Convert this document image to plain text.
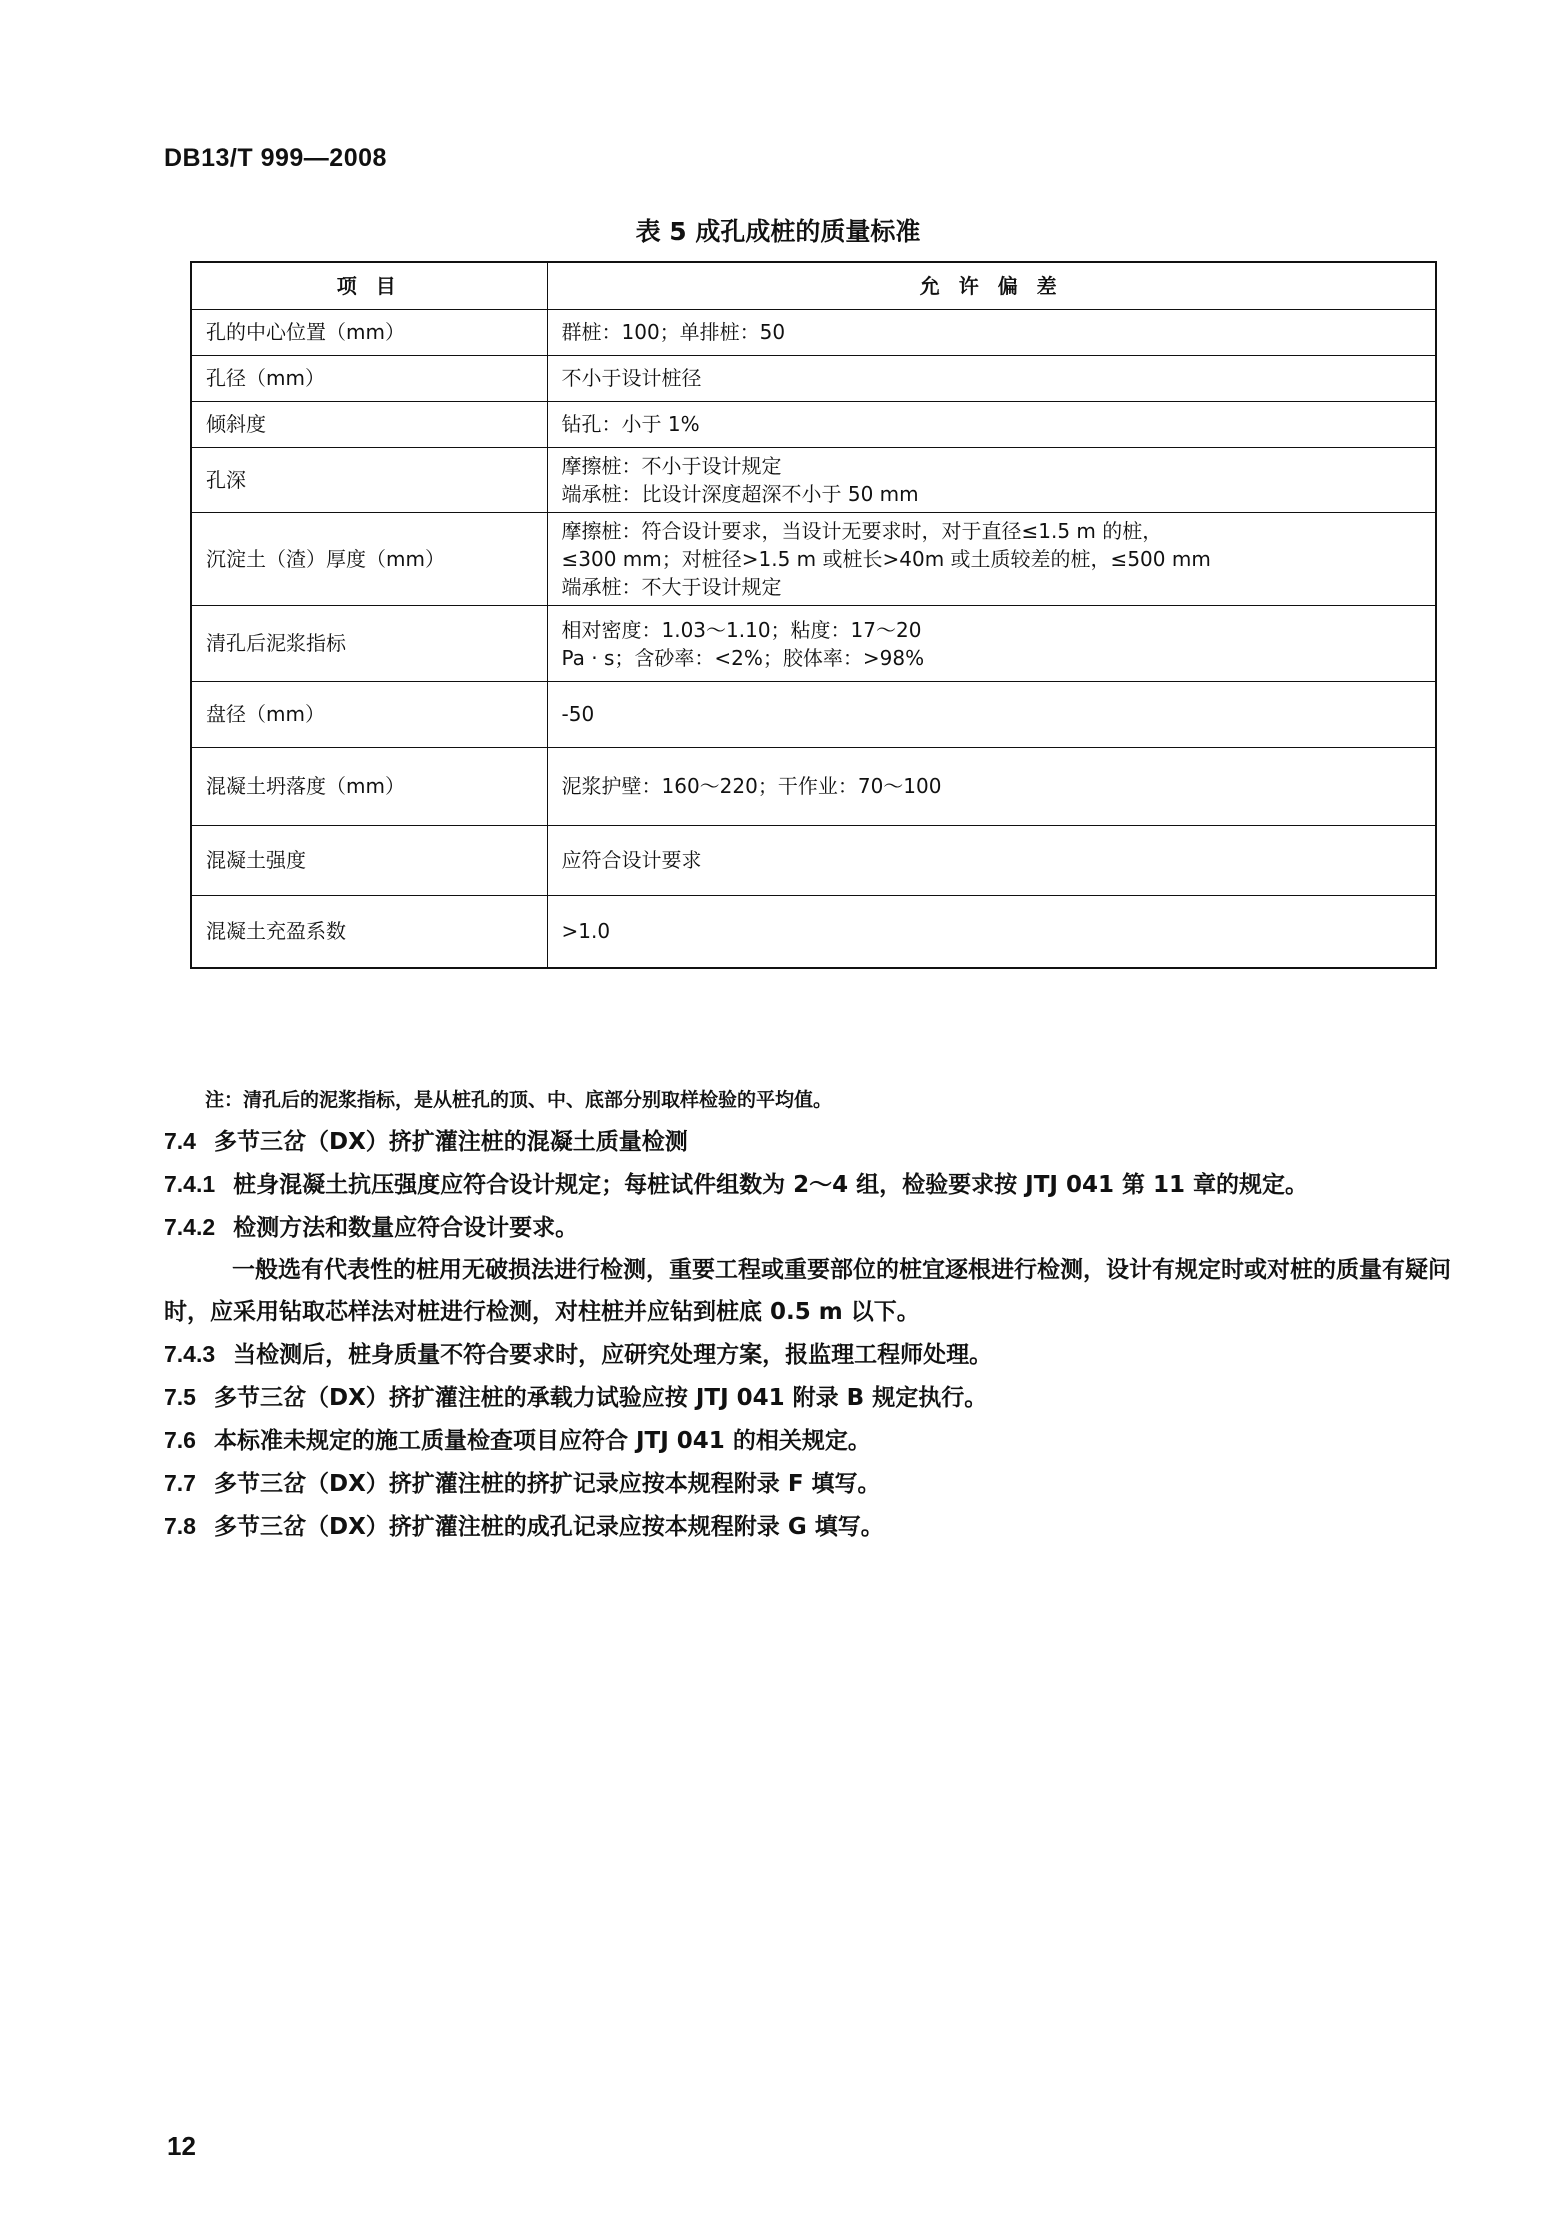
DB13/T 999—2008
表 5 成孔成桩的质量标准
项 目	允 许 偏 差
孔的中心位置（mm）	群桩：100；单排桩：50

孔径（mm）	不小于设计桩径

倾斜度	钻孔：小于 1%

孔深	摩擦桩：不小于设计规定
端承桩：比设计深度超深不小于 50 mm

沉淀土（渣）厚度（mm）	摩擦桩：符合设计要求，当设计无要求时，对于直径≤1.5 m 的桩，
≤300 mm；对桩径>1.5 m 或桩长>40m 或土质较差的桩，≤500 mm
端承桩：不大于设计规定

清孔后泥浆指标	相对密度：1.03～1.10；粘度：17～20
Pa · s；含砂率：<2%；胶体率：>98%

盘径（mm）	-50

混凝土坍落度（mm）	泥浆护壁：160～220；干作业：70～100

混凝土强度	应符合设计要求

混凝土充盈系数	>1.0
注：清孔后的泥浆指标，是从桩孔的顶、中、底部分别取样检验的平均值。

7.4 多节三岔（DX）挤扩灌注桩的混凝土质量检测

7.4.1 桩身混凝土抗压强度应符合设计规定；每桩试件组数为 2～4 组，检验要求按 JTJ 041 第 11 章的规定。

7.4.2 检测方法和数量应符合设计要求。

一般选有代表性的桩用无破损法进行检测，重要工程或重要部位的桩宜逐根进行检测，设计有规定时或对桩的质量有疑问时，应采用钻取芯样法对桩进行检测，对柱桩并应钻到桩底 0.5 m 以下。

7.4.3 当检测后，桩身质量不符合要求时，应研究处理方案，报监理工程师处理。

7.5 多节三岔（DX）挤扩灌注桩的承载力试验应按 JTJ 041 附录 B 规定执行。

7.6 本标准未规定的施工质量检查项目应符合 JTJ 041 的相关规定。

7.7 多节三岔（DX）挤扩灌注桩的挤扩记录应按本规程附录 F 填写。

7.8 多节三岔（DX）挤扩灌注桩的成孔记录应按本规程附录 G 填写。

12
